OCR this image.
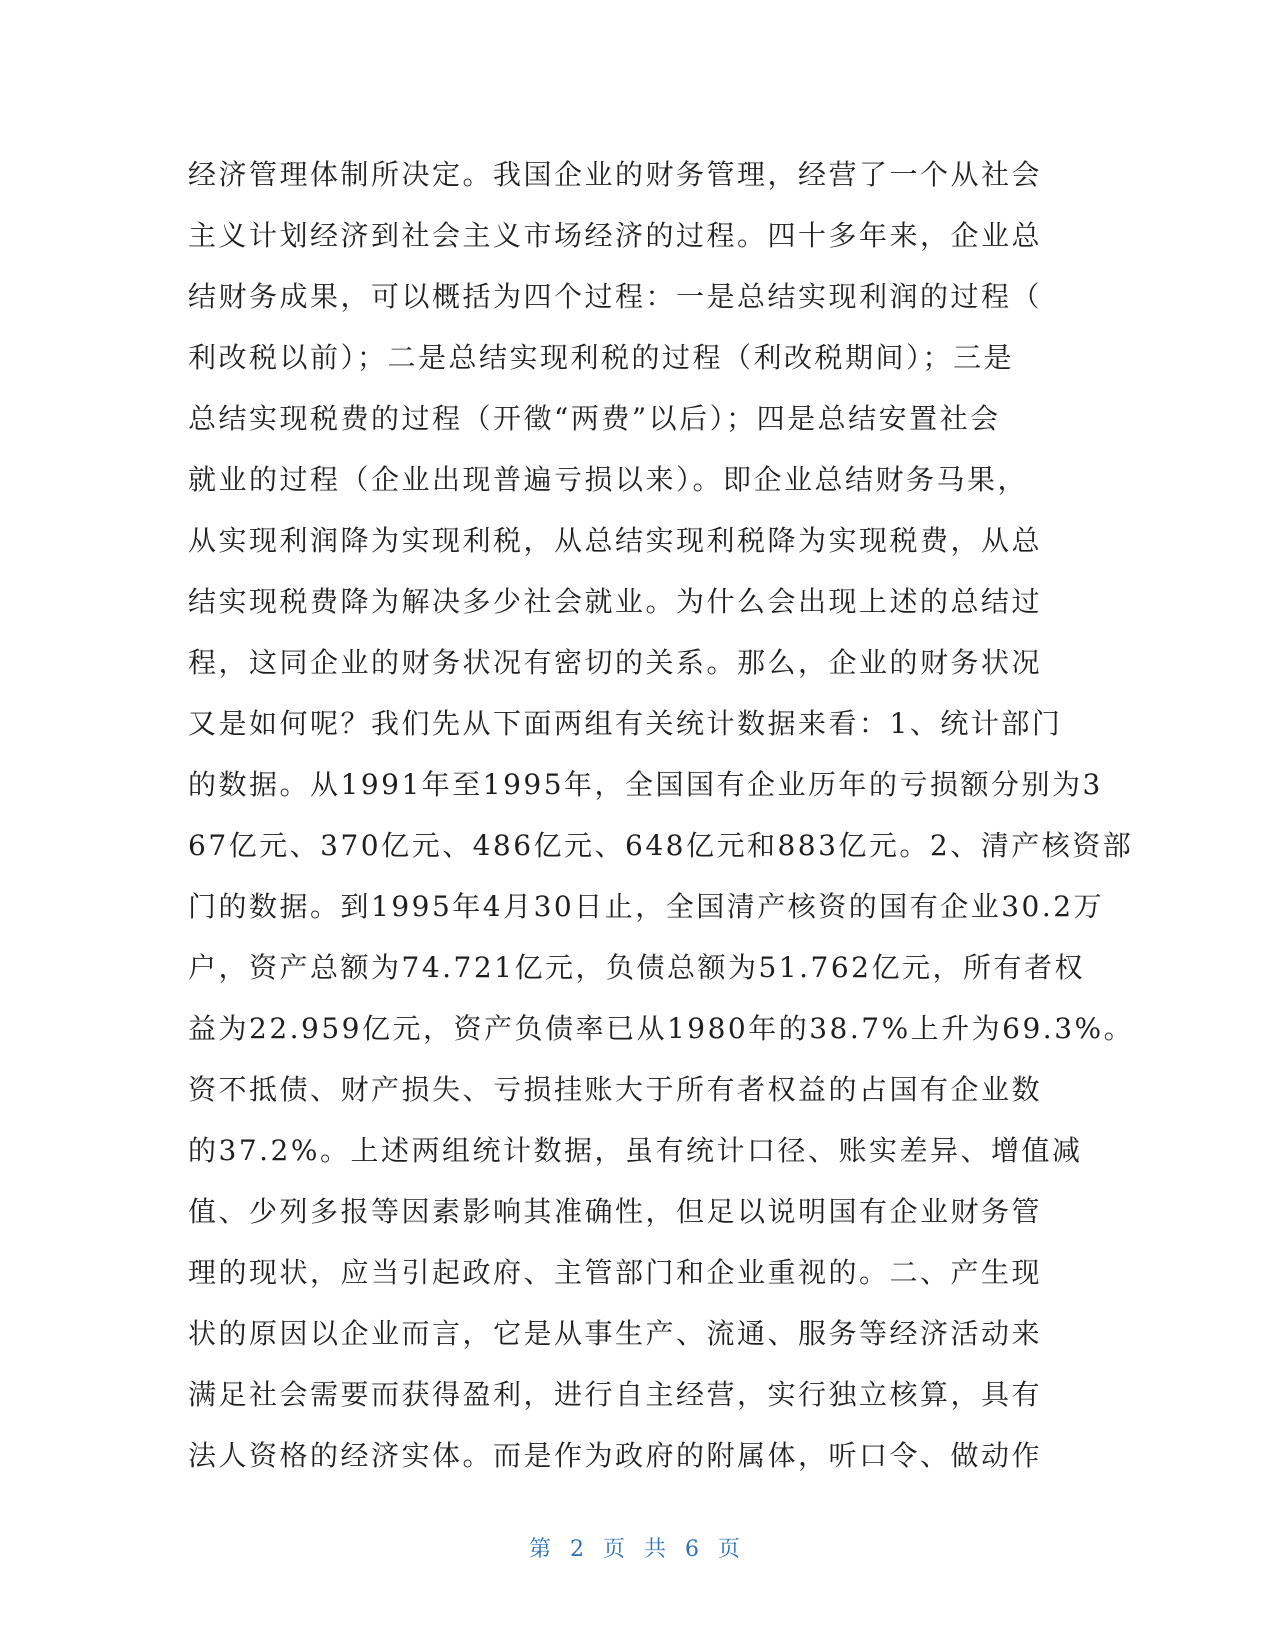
经济管理体制所决定。我国企业的财务管理，经营了一个从社会
主义计划经济到社会主义市场经济的过程。四十多年来，企业总
结财务成果，可以概括为四个过程：一是总结实现利润的过程（
利改税以前）；二是总结实现利税的过程（利改税期间）；三是
总结实现税费的过程（开徵“两费”以后）；四是总结安置社会
就业的过程（企业出现普遍亏损以来）。即企业总结财务马果，
从实现利润降为实现利税，从总结实现利税降为实现税费，从总
结实现税费降为解决多少社会就业。为什么会出现上述的总结过
程，这同企业的财务状况有密切的关系。那么，企业的财务状况
又是如何呢？我们先从下面两组有关统计数据来看：1、统计部门
的数据。从1991年至1995年，全国国有企业历年的亏损额分别为3
67亿元、370亿元、486亿元、648亿元和883亿元。2、清产核资部
门的数据。到1995年4月30日止，全国清产核资的国有企业30.2万
户，资产总额为74.721亿元，负债总额为51.762亿元，所有者权
益为22.959亿元，资产负债率已从1980年的38.7%上升为69.3%。
资不抵债、财产损失、亏损挂账大于所有者权益的占国有企业数
的37.2%。上述两组统计数据，虽有统计口径、账实差异、增值减
值、少列多报等因素影响其准确性，但足以说明国有企业财务管
理的现状，应当引起政府、主管部门和企业重视的。二、产生现
状的原因以企业而言，它是从事生产、流通、服务等经济活动来
满足社会需要而获得盈利，进行自主经营，实行独立核算，具有
法人资格的经济实体。而是作为政府的附属体，听口令、做动作
第 2 页 共 6 页
